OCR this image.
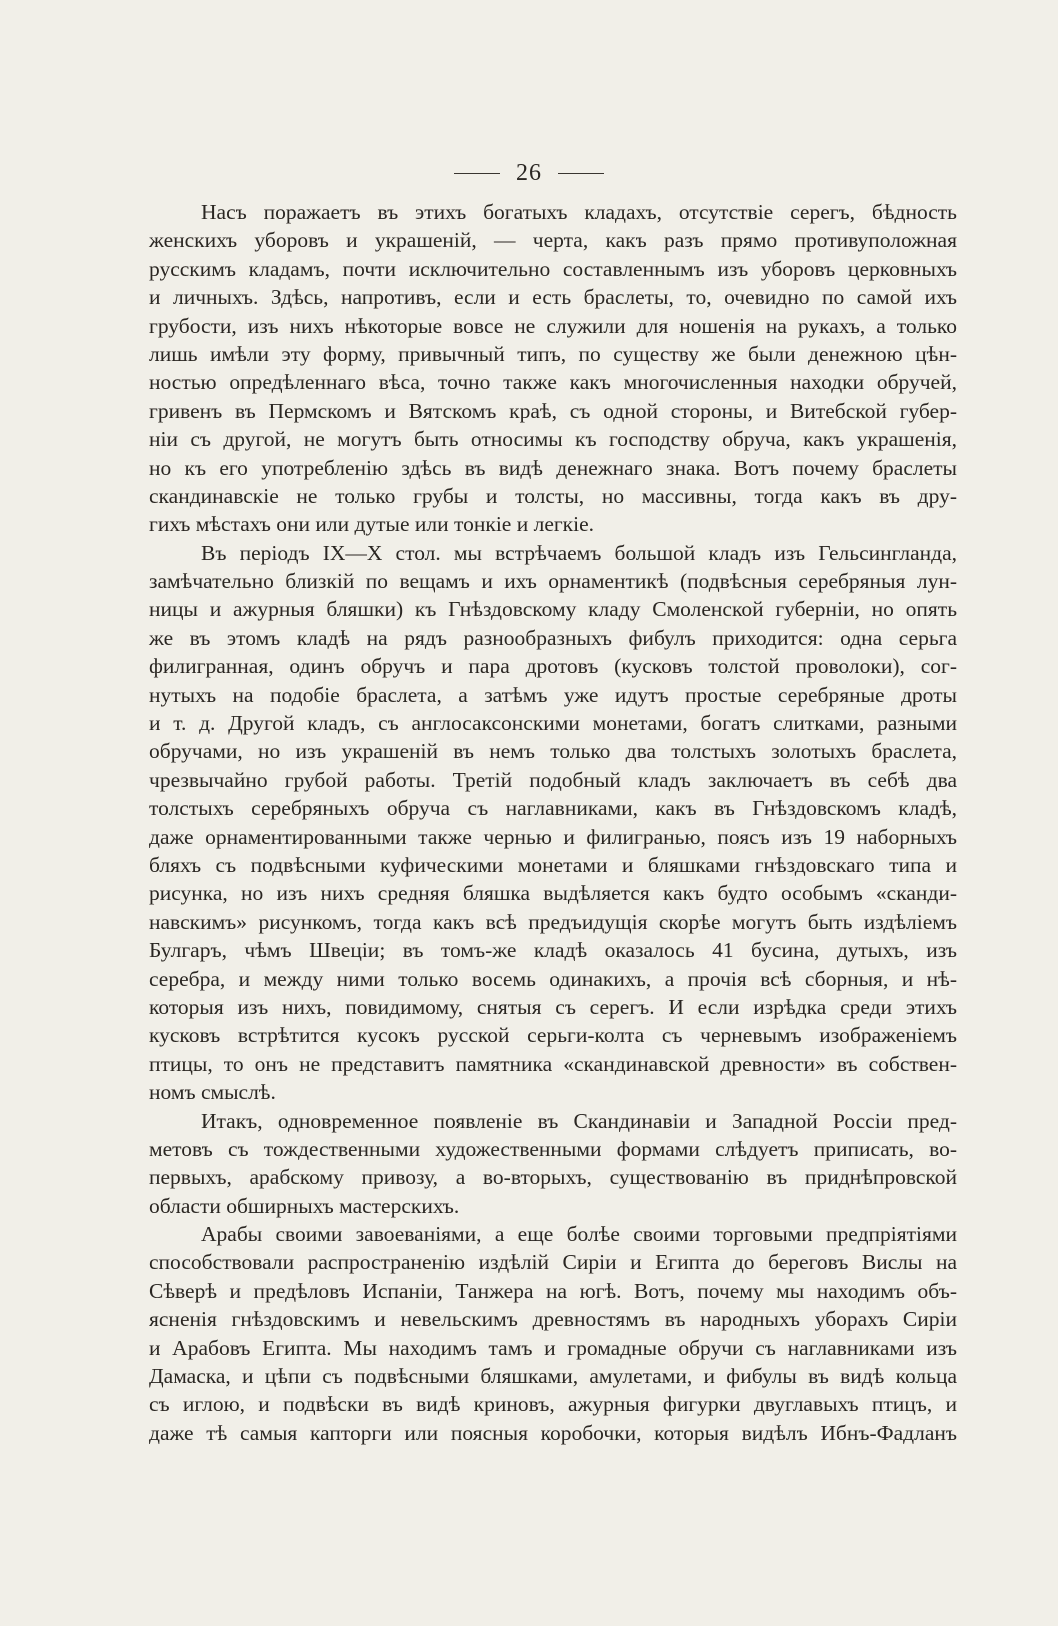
26

Насъ поражаетъ въ этихъ богатыхъ кладахъ, отсутствіе серегъ, бѣдность
женскихъ уборовъ и украшеній, — черта, какъ разъ прямо противуположная
русскимъ кладамъ, почти исключительно составленнымъ изъ уборовъ церковныхъ
и личныхъ. Здѣсь, напротивъ, если и есть браслеты, то, очевидно по самой ихъ
грубости, изъ нихъ нѣкоторые вовсе не служили для ношенія на рукахъ, а только
лишь имѣли эту форму, привычный типъ, по существу же были денежною цѣн-
ностью опредѣленнаго вѣса, точно также какъ многочисленныя находки обручей,
гривенъ въ Пермскомъ и Вятскомъ краѣ, съ одной стороны, и Витебской губер-
ніи съ другой, не могутъ быть относимы къ господству обруча, какъ украшенія,
но къ его употребленію здѣсь въ видѣ денежнаго знака. Вотъ почему браслеты
скандинавскіе не только грубы и толсты, но массивны, тогда какъ въ дру-
гихъ мѣстахъ они или дутые или тонкіе и легкіе.

Въ періодъ IX—X стол. мы встрѣчаемъ большой кладъ изъ Гельсингланда,
замѣчательно близкій по вещамъ и ихъ орнаментикѣ (подвѣсныя серебряныя лун-
ницы и ажурныя бляшки) къ Гнѣздовскому кладу Смоленской губерніи, но опять
же въ этомъ кладѣ на рядъ разнообразныхъ фибулъ приходится: одна серьга
филигранная, одинъ обручъ и пара дротовъ (кусковъ толстой проволоки), сог-
нутыхъ на подобіе браслета, а затѣмъ уже идутъ простые серебряные дроты
и т. д. Другой кладъ, съ англосаксонскими монетами, богатъ слитками, разными
обручами, но изъ украшеній въ немъ только два толстыхъ золотыхъ браслета,
чрезвычайно грубой работы. Третій подобный кладъ заключаетъ въ себѣ два
толстыхъ серебряныхъ обруча съ наглавниками, какъ въ Гнѣздовскомъ кладѣ,
даже орнаментированными также чернью и филигранью, поясъ изъ 19 наборныхъ
бляхъ съ подвѣсными куфическими монетами и бляшками гнѣздовскаго типа и
рисунка, но изъ нихъ средняя бляшка выдѣляется какъ будто особымъ «сканди-
навскимъ» рисункомъ, тогда какъ всѣ предъидущія скорѣе могутъ быть издѣліемъ
Булгаръ, чѣмъ Швеціи; въ томъ-же кладѣ оказалось 41 бусина, дутыхъ, изъ
серебра, и между ними только восемь одинакихъ, а прочія всѣ сборныя, и нѣ-
которыя изъ нихъ, повидимому, снятыя съ серегъ. И если изрѣдка среди этихъ
кусковъ встрѣтится кусокъ русской серьги-колта съ черневымъ изображеніемъ
птицы, то онъ не представитъ памятника «скандинавской древности» въ собствен-
номъ смыслѣ.

Итакъ, одновременное появленіе въ Скандинавіи и Западной Россіи пред-
метовъ съ тождественными художественными формами слѣдуетъ приписать, во-
первыхъ, арабскому привозу, а во-вторыхъ, существованію въ приднѣпровской
области обширныхъ мастерскихъ.

Арабы своими завоеваніями, а еще болѣе своими торговыми предпріятіями
способствовали распространенію издѣлій Сиріи и Египта до береговъ Вислы на
Сѣверѣ и предѣловъ Испаніи, Танжера на югѣ. Вотъ, почему мы находимъ объ-
ясненія гнѣздовскимъ и невельскимъ древностямъ въ народныхъ уборахъ Сиріи
и Арабовъ Египта. Мы находимъ тамъ и громадные обручи съ наглавниками изъ
Дамаска, и цѣпи съ подвѣсными бляшками, амулетами, и фибулы въ видѣ кольца
съ иглою, и подвѣски въ видѣ криновъ, ажурныя фигурки двуглавыхъ птицъ, и
даже тѣ самыя капторги или поясныя коробочки, которыя видѣлъ Ибнъ-Фадланъ
